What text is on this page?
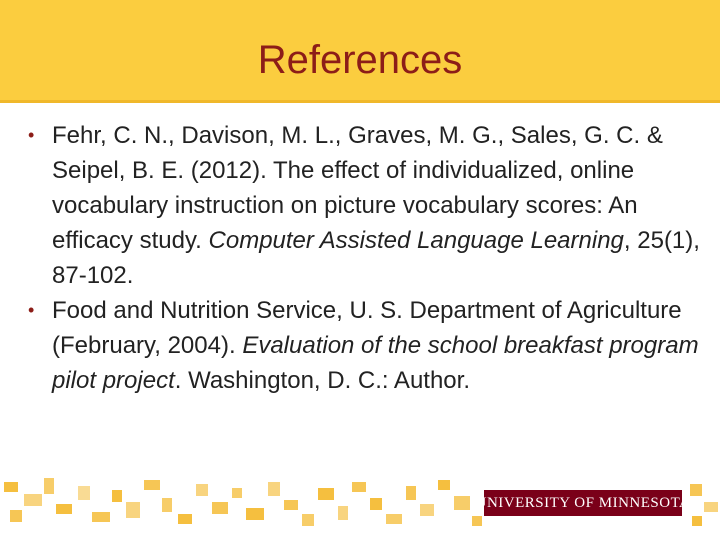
References
• Fehr, C. N., Davison, M. L., Graves, M. G., Sales, G. C. & Seipel, B. E. (2012). The effect of individualized, online vocabulary instruction on picture vocabulary scores: An efficacy study. Computer Assisted Language Learning, 25(1), 87-102.
• Food and Nutrition Service, U. S. Department of Agriculture (February, 2004). Evaluation of the school breakfast program pilot project. Washington, D. C.: Author.
UNIVERSITY OF MINNESOTA
